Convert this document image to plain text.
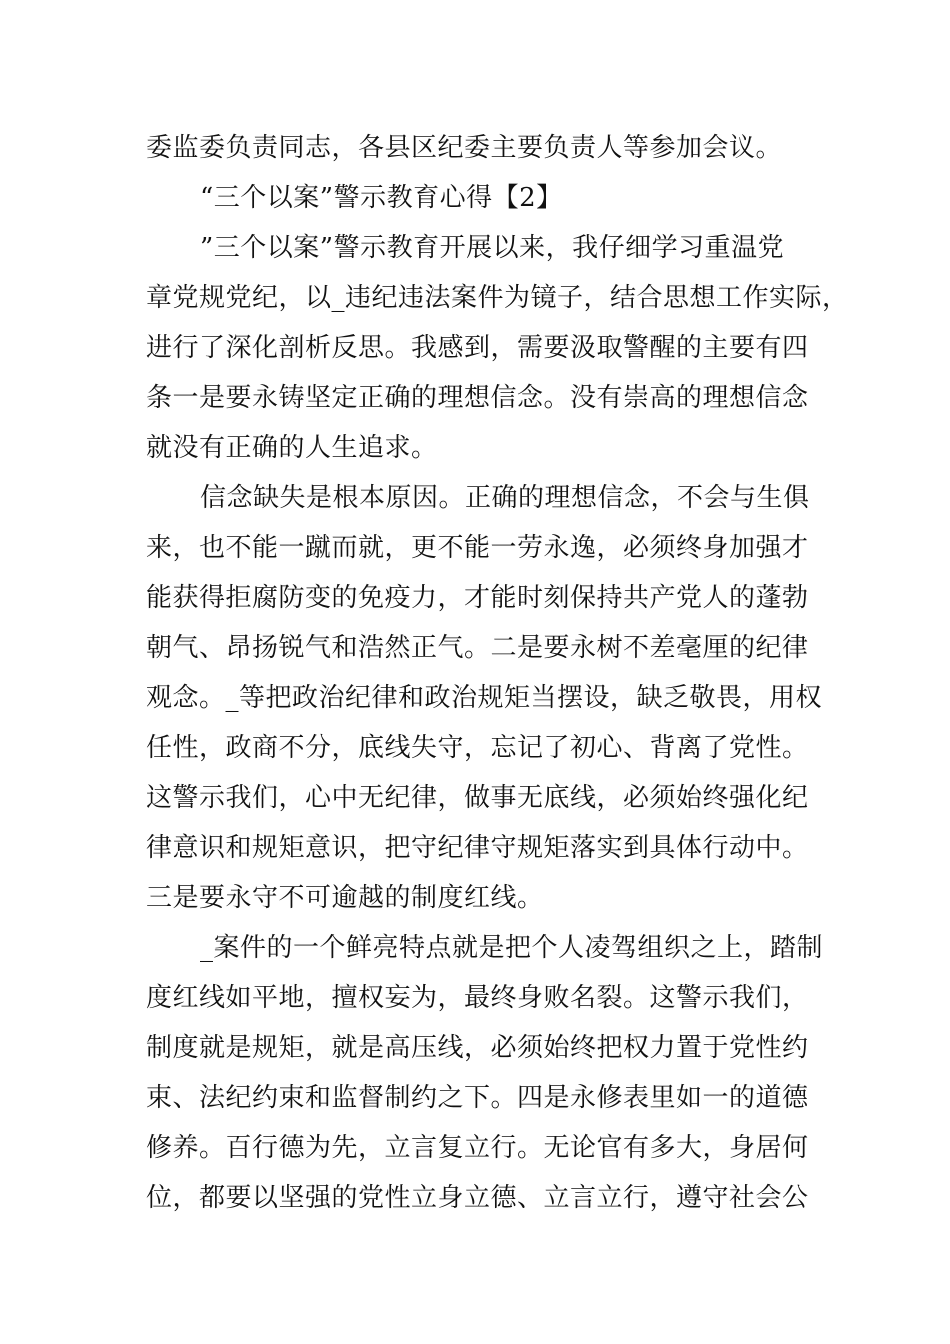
委监委负责同志，各县区纪委主要负责人等参加会议。
“三个以案”警示教育心得【2】
”三个以案”警示教育开展以来，我仔细学习重温党
章党规党纪，以_违纪违法案件为镜子，结合思想工作实际，
进行了深化剖析反思。我感到，需要汲取警醒的主要有四
条一是要永铸坚定正确的理想信念。没有崇高的理想信念
就没有正确的人生追求。
信念缺失是根本原因。正确的理想信念，不会与生俱
来，也不能一蹴而就，更不能一劳永逸，必须终身加强才
能获得拒腐防变的免疫力，才能时刻保持共产党人的蓬勃
朝气、昂扬锐气和浩然正气。二是要永树不差毫厘的纪律
观念。_等把政治纪律和政治规矩当摆设，缺乏敬畏，用权
任性，政商不分，底线失守，忘记了初心、背离了党性。
这警示我们，心中无纪律，做事无底线，必须始终强化纪
律意识和规矩意识，把守纪律守规矩落实到具体行动中。
三是要永守不可逾越的制度红线。
_案件的一个鲜亮特点就是把个人凌驾组织之上，踏制
度红线如平地，擅权妄为，最终身败名裂。这警示我们，
制度就是规矩，就是高压线，必须始终把权力置于党性约
束、法纪约束和监督制约之下。四是永修表里如一的道德
修养。百行德为先，立言复立行。无论官有多大，身居何
位，都要以坚强的党性立身立德、立言立行，遵守社会公
